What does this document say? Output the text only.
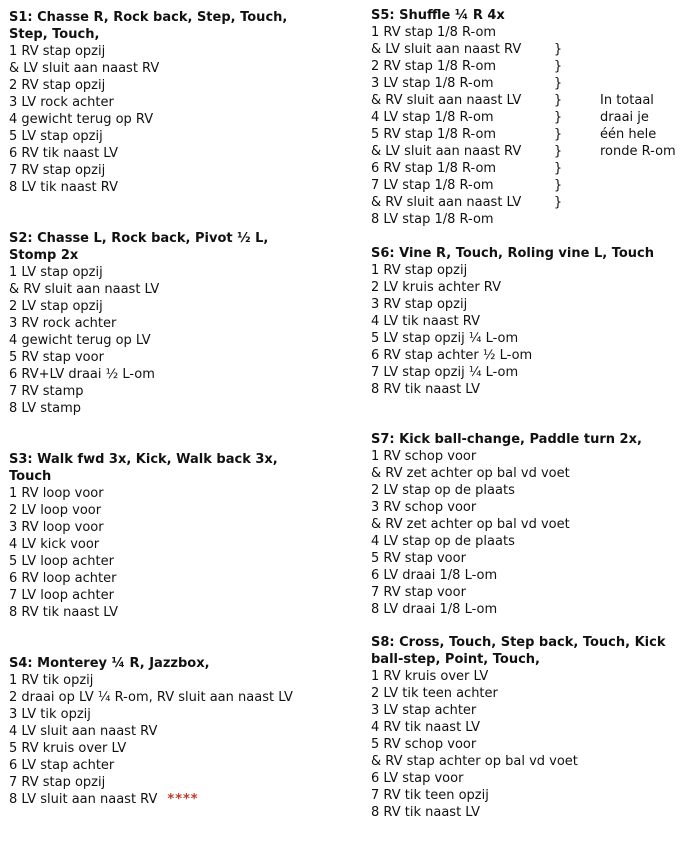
S1: Chasse R, Rock back, Step, Touch, Step, Touch,
1 RV stap opzij
& LV sluit aan naast RV
2 RV stap opzij
3 LV rock achter
4 gewicht terug op RV
5 LV stap opzij
6 RV tik naast LV
7 RV stap opzij
8 LV tik naast RV
S2: Chasse L, Rock back, Pivot ½ L, Stomp 2x
1 LV stap opzij
& RV sluit aan naast LV
2 LV stap opzij
3 RV rock achter
4 gewicht terug op LV
5 RV stap voor
6 RV+LV draai ½ L-om
7 RV stamp
8 LV stamp
S3: Walk fwd 3x, Kick, Walk back 3x, Touch
1 RV loop voor
2 LV loop voor
3 RV loop voor
4 LV kick voor
5 LV loop achter
6 RV loop achter
7 LV loop achter
8 RV tik naast LV
S4: Monterey ¼ R, Jazzbox,
1 RV tik opzij
2 draai op LV ¼ R-om, RV sluit aan naast LV
3 LV tik opzij
4 LV sluit aan naast RV
5 RV kruis over LV
6 LV stap achter
7 RV stap opzij
8 LV sluit aan naast RV ****
S5: Shuffle ¼ R 4x
1 RV stap 1/8 R-om
& LV sluit aan naast RV
2 RV stap 1/8 R-om
3 LV stap 1/8 R-om
& RV sluit aan naast LV
4 LV stap 1/8 R-om
5 RV stap 1/8 R-om
& LV sluit aan naast RV
6 RV stap 1/8 R-om
7 LV stap 1/8 R-om
& RV sluit aan naast LV
8 LV stap 1/8 R-om
}
}
}
}
}
}
}
}
}
}
In totaal
draai je
één hele
ronde R-om
S6: Vine R, Touch, Roling vine L, Touch
1 RV stap opzij
2 LV kruis achter RV
3 RV stap opzij
4 LV tik naast RV
5 LV stap opzij ¼ L-om
6 RV stap achter ½ L-om
7 LV stap opzij ¼ L-om
8 RV tik naast LV
S7: Kick ball-change, Paddle turn 2x,
1 RV schop voor
& RV zet achter op bal vd voet
2 LV stap op de plaats
3 RV schop voor
& RV zet achter op bal vd voet
4 LV stap op de plaats
5 RV stap voor
6 LV draai 1/8 L-om
7 RV stap voor
8 LV draai 1/8 L-om
S8: Cross, Touch, Step back, Touch, Kick ball-step, Point, Touch,
1 RV kruis over LV
2 LV tik teen achter
3 LV stap achter
4 RV tik naast LV
5 RV schop voor
& RV stap achter op bal vd voet
6 LV stap voor
7 RV tik teen opzij
8 RV tik naast LV
